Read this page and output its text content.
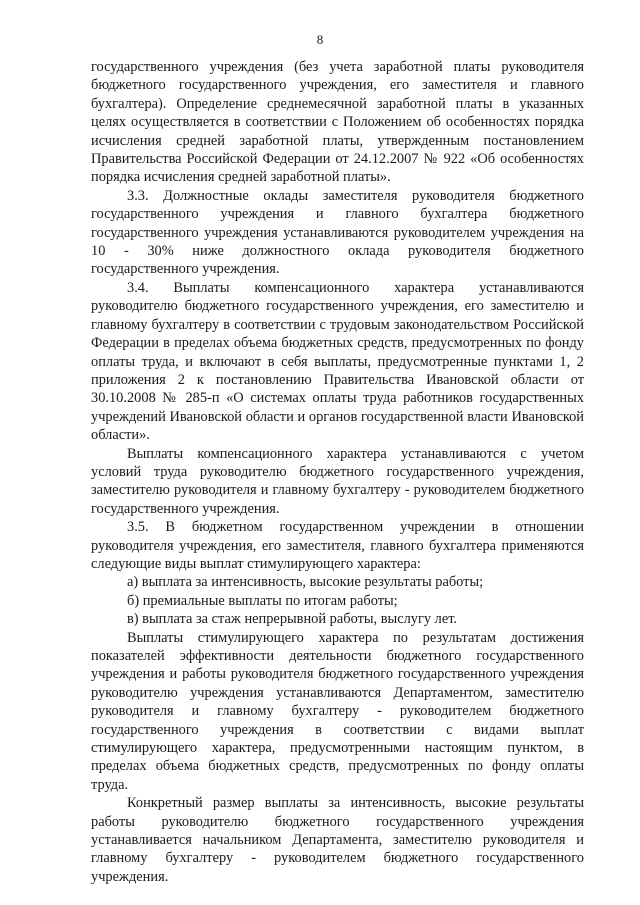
8

государственного учреждения (без учета заработной платы руководителя бюджетного государственного учреждения, его заместителя и главного бухгалтера). Определение среднемесячной заработной платы в указанных целях осуществляется в соответствии с Положением об особенностях порядка исчисления средней заработной платы, утвержденным постановлением Правительства Российской Федерации от 24.12.2007 № 922 «Об особенностях порядка исчисления средней заработной платы».

3.3. Должностные оклады заместителя руководителя бюджетного государственного учреждения и главного бухгалтера бюджетного государственного учреждения устанавливаются руководителем учреждения на 10 - 30% ниже должностного оклада руководителя бюджетного государственного учреждения.

3.4. Выплаты компенсационного характера устанавливаются руководителю бюджетного государственного учреждения, его заместителю и главному бухгалтеру в соответствии с трудовым законодательством Российской Федерации в пределах объема бюджетных средств, предусмотренных по фонду оплаты труда, и включают в себя выплаты, предусмотренные пунктами 1, 2 приложения 2 к постановлению Правительства Ивановской области от 30.10.2008 № 285-п «О системах оплаты труда работников государственных учреждений Ивановской области и органов государственной власти Ивановской области».

Выплаты компенсационного характера устанавливаются с учетом условий труда руководителю бюджетного государственного учреждения, заместителю руководителя и главному бухгалтеру - руководителем бюджетного государственного учреждения.

3.5. В бюджетном государственном учреждении в отношении руководителя учреждения, его заместителя, главного бухгалтера применяются следующие виды выплат стимулирующего характера:

а) выплата за интенсивность, высокие результаты работы;

б) премиальные выплаты по итогам работы;

в) выплата за стаж непрерывной работы, выслугу лет.

Выплаты стимулирующего характера по результатам достижения показателей эффективности деятельности бюджетного государственного учреждения и работы руководителя бюджетного государственного учреждения руководителю учреждения устанавливаются Департаментом, заместителю руководителя и главному бухгалтеру - руководителем бюджетного государственного учреждения в соответствии с видами выплат стимулирующего характера, предусмотренными настоящим пунктом, в пределах объема бюджетных средств, предусмотренных по фонду оплаты труда.

Конкретный размер выплаты за интенсивность, высокие результаты работы руководителю бюджетного государственного учреждения устанавливается начальником Департамента, заместителю руководителя и главному бухгалтеру - руководителем бюджетного государственного учреждения.
